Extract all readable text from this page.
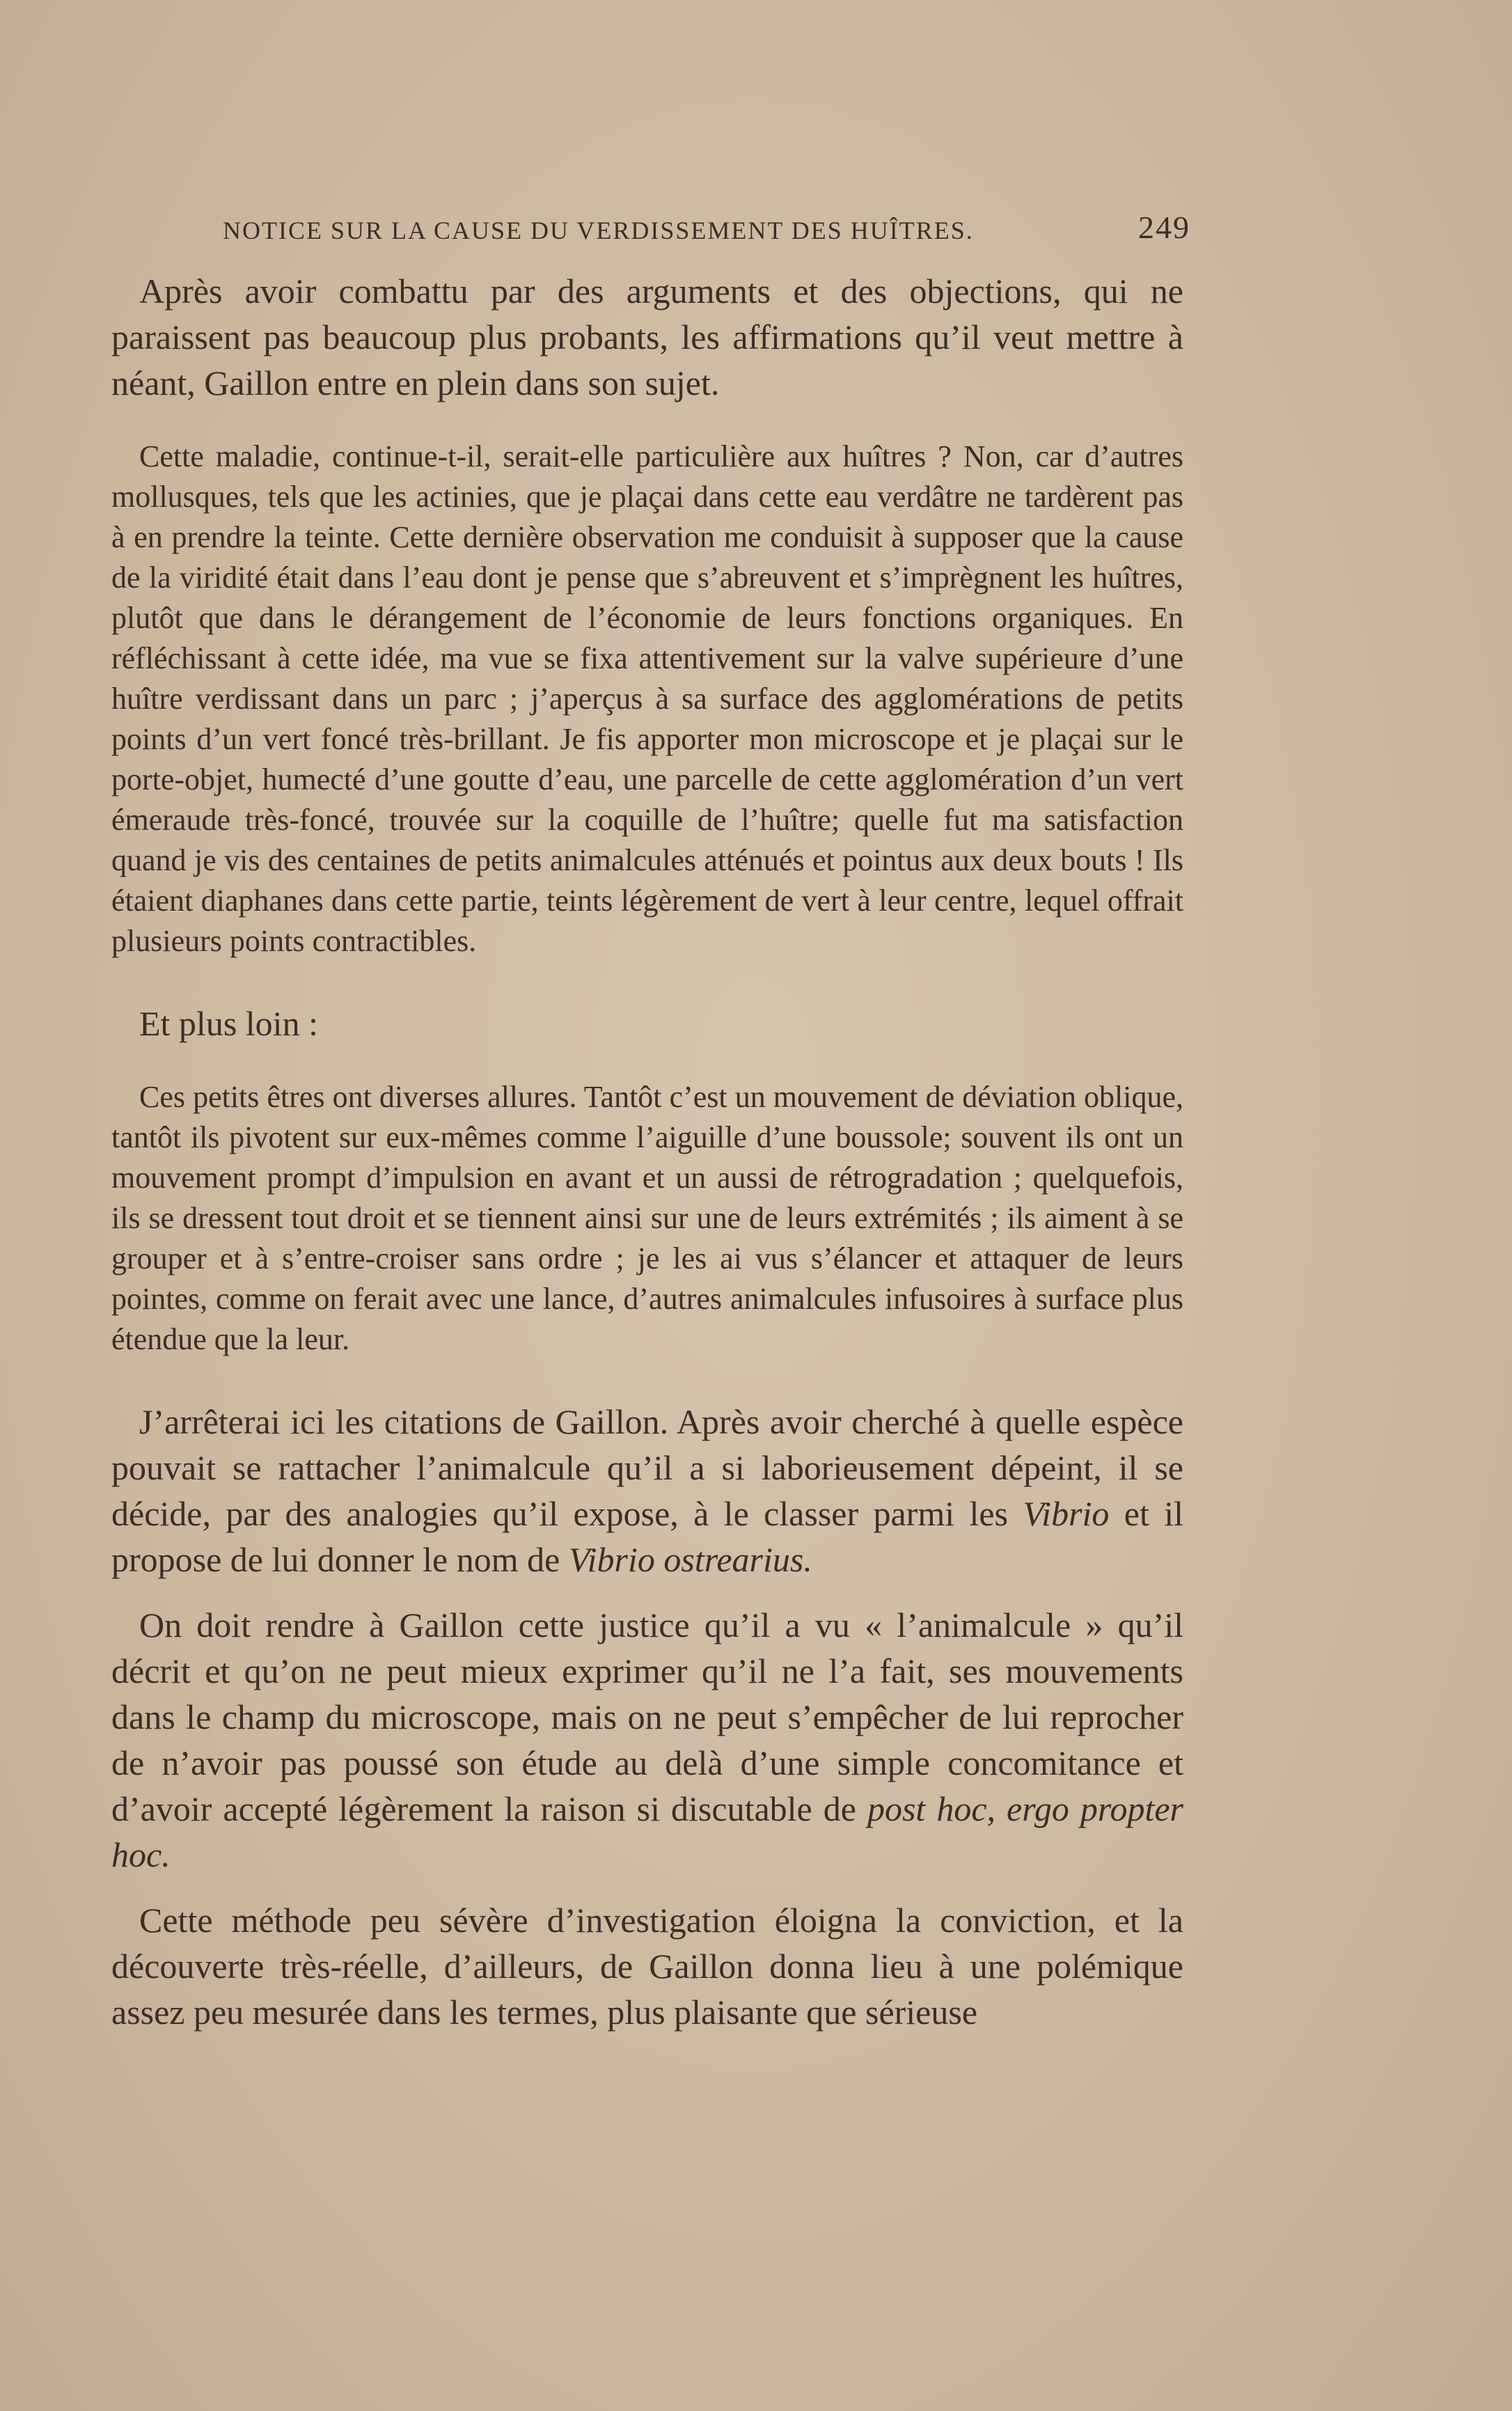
NOTICE SUR LA CAUSE DU VERDISSEMENT DES HUÎTRES.	249

Après avoir combattu par des arguments et des objections, qui ne paraissent pas beaucoup plus probants, les affirmations qu’il veut mettre à néant, Gaillon entre en plein dans son sujet.

Cette maladie, continue-t-il, serait-elle particulière aux huîtres ? Non, car d’autres mollusques, tels que les actinies, que je plaçai dans cette eau verdâtre ne tardèrent pas à en prendre la teinte. Cette dernière observation me conduisit à supposer que la cause de la viridité était dans l’eau dont je pense que s’abreuvent et s’imprègnent les huîtres, plutôt que dans le dérangement de l’économie de leurs fonctions organiques. En réfléchissant à cette idée, ma vue se fixa attentivement sur la valve supérieure d’une huître verdissant dans un parc ; j’aperçus à sa surface des agglomérations de petits points d’un vert foncé très-brillant. Je fis apporter mon microscope et je plaçai sur le porte-objet, humecté d’une goutte d’eau, une parcelle de cette agglomération d’un vert émeraude très-foncé, trouvée sur la coquille de l’huître; quelle fut ma satisfaction quand je vis des centaines de petits animalcules atténués et pointus aux deux bouts ! Ils étaient diaphanes dans cette partie, teints légèrement de vert à leur centre, lequel offrait plusieurs points contractibles.

Et plus loin :

Ces petits êtres ont diverses allures. Tantôt c’est un mouvement de déviation oblique, tantôt ils pivotent sur eux-mêmes comme l’aiguille d’une boussole; souvent ils ont un mouvement prompt d’impulsion en avant et un aussi de rétrogradation ; quelquefois, ils se dressent tout droit et se tiennent ainsi sur une de leurs extrémités ; ils aiment à se grouper et à s’entre-croiser sans ordre ; je les ai vus s’élancer et attaquer de leurs pointes, comme on ferait avec une lance, d’autres animalcules infusoires à surface plus étendue que la leur.

J’arrêterai ici les citations de Gaillon. Après avoir cherché à quelle espèce pouvait se rattacher l’animalcule qu’il a si laborieusement dépeint, il se décide, par des analogies qu’il expose, à le classer parmi les Vibrio et il propose de lui donner le nom de Vibrio ostrearius.

On doit rendre à Gaillon cette justice qu’il a vu « l’animalcule » qu’il décrit et qu’on ne peut mieux exprimer qu’il ne l’a fait, ses mouvements dans le champ du microscope, mais on ne peut s’empêcher de lui reprocher de n’avoir pas poussé son étude au delà d’une simple concomitance et d’avoir accepté légèrement la raison si discutable de post hoc, ergo propter hoc.

Cette méthode peu sévère d’investigation éloigna la conviction, et la découverte très-réelle, d’ailleurs, de Gaillon donna lieu à une polémique assez peu mesurée dans les termes, plus plaisante que sérieuse
